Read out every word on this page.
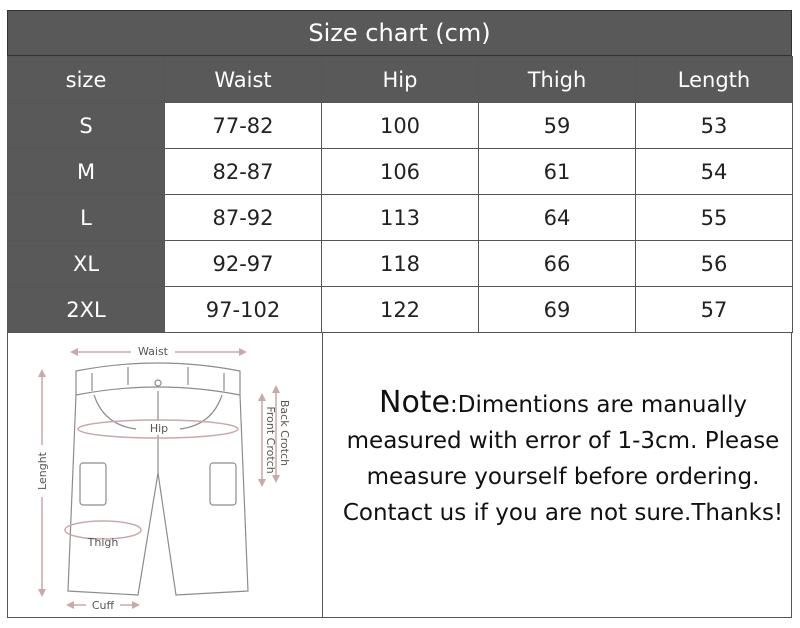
Size chart (cm)
size	Waist	Hip	Thigh	Length
S	77-82	100	59	53
M	82-87	106	61	54
L	87-92	113	64	55
XL	92-97	118	66	56
2XL	97-102	122	69	57
Waist
Hip
Thigh
Cuff
Lenght
Back Crotch
Front Crotch
Note:Dimentions are manually measured with error of 1-3cm. Please measure yourself before ordering. Contact us if you are not sure.Thanks!
